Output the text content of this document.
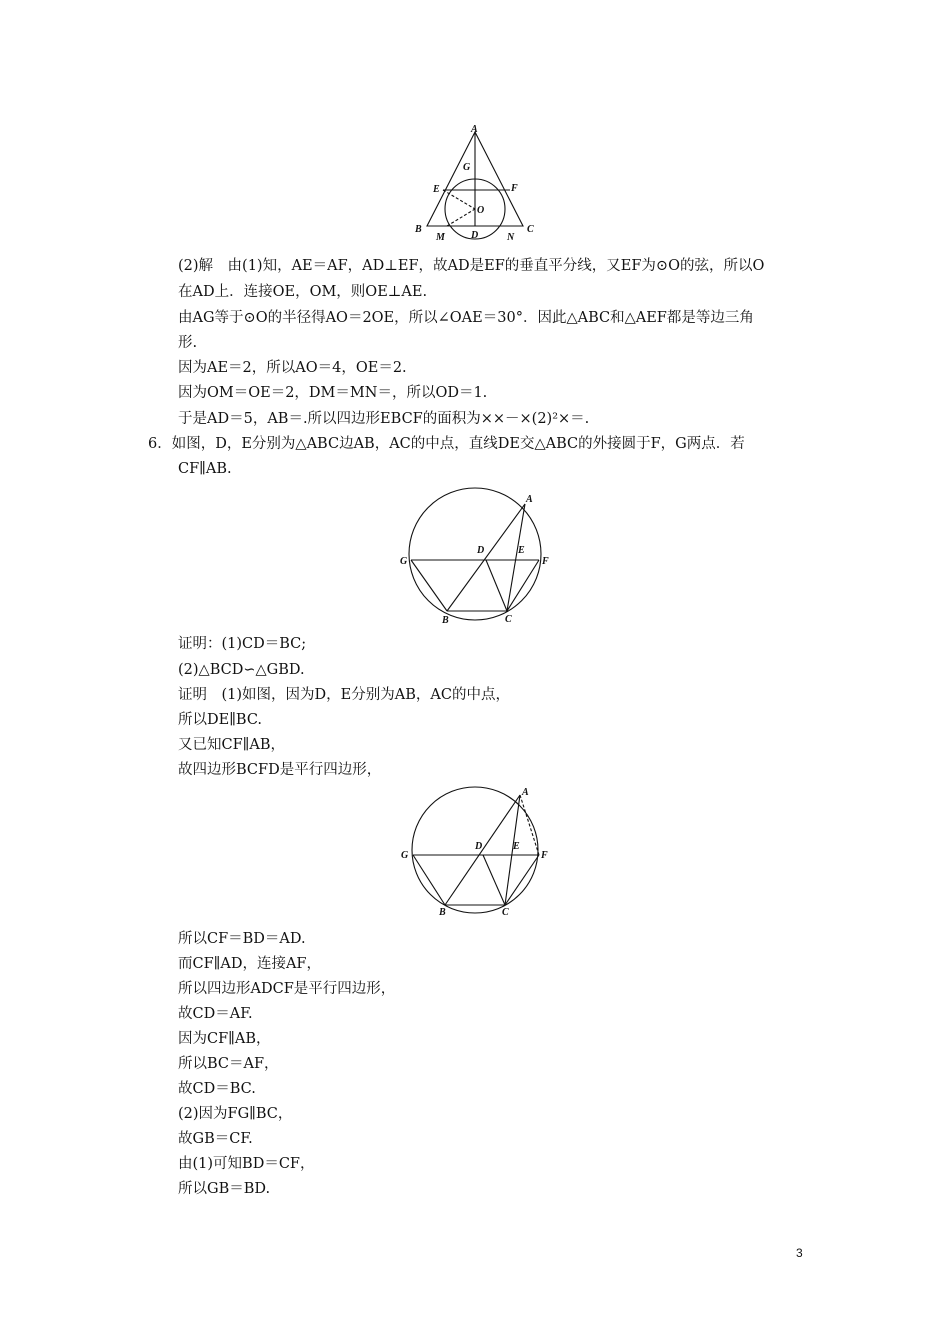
A
G
E	F
O
B
M	D	N
C
(2)解　由(1)知，AE＝AF，AD⊥EF，故AD是EF的垂直平分线，又EF为⊙O的弦，所以O
在AD上．连接OE，OM，则OE⊥AE.
由AG等于⊙O的半径得AO＝2OE，所以∠OAE＝30°．因此△ABC和△AEF都是等边三角
形.
因为AE＝2，所以AO＝4，OE＝2.
因为OM＝OE＝2，DM＝MN＝，所以OD＝1.
于是AD＝5，AB＝.所以四边形EBCF的面积为××－×(2)²×＝.
6．如图，D，E分别为△ABC边AB，AC的中点，直线DE交△ABC的外接圆于F，G两点．若
CF∥AB.
A
D	E
G	F
B	C
证明：(1)CD＝BC;
(2)△BCD∽△GBD.
证明　(1)如图，因为D，E分别为AB，AC的中点，
所以DE∥BC.
又已知CF∥AB，
故四边形BCFD是平行四边形，
A
D	E
G	F
B	C
所以CF＝BD＝AD.
而CF∥AD，连接AF，
所以四边形ADCF是平行四边形，
故CD＝AF.
因为CF∥AB，
所以BC＝AF，
故CD＝BC.
(2)因为FG∥BC，
故GB＝CF.
由(1)可知BD＝CF，
所以GB＝BD.
3
